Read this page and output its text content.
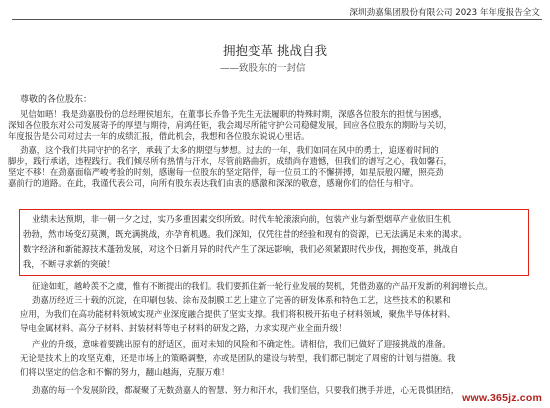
深圳劲嘉集团股份有限公司 2023 年年度报告全文
拥抱变革 挑战自我
——致股东的一封信
尊敬的各位股东：
见信如晤！我是劲嘉股份的总经理侯旭东，在董事长乔鲁予先生无法履职的特殊时期，深感各位股东的担忧与困惑，
深知各位股东对公司发展寄予的厚望与期待，肩鸿任钜，我会竭尽所能守护公司稳健发展，回应各位股东的期盼与关切，
年度报告是公司对过去一年的成绩汇报，借此机会，我想和各位股东说说心里话。
劲嘉，这个我们共同守护的名字，承载了太多的期望与梦想。过去的一年，我们如同在风中的勇士，追逐着时间的
脚步，践行承诺，违程践行。我们倾尽所有热情与汗水，尽管前路曲折，成绩尚存遗憾，但我们的谱写之心，我如馨石，
坚定不移！在劲嘉面临严峻考验的时刻，感谢每一位股东的坚定陪伴，每一位员工的不懈拼搏，如星辰般闪耀，照亮劲
嘉前行的道路。在此，我谨代表公司，向所有股东表达我们由衷的感激和深深的敬意，感谢你们的信任与相守。
业绩未达预期，非一朝一夕之过，实乃多重因素交织所致。时代车轮滚滚向前，包装产业与新型烟草产业依旧生机
勃勃，然市场变幻莫测，既充满挑战，亦孕育机遇。我们深知，仅凭往昔的经验和现有的资源，已无法满足未来的渴求。
数字经济和新能源技术蓬勃发展，对这个日新月异的时代产生了深远影响，我们必须紧跟时代步伐，拥抱变革，挑战自
我，不断寻求新的突破！
征途如虹，越岭羡不之虞，惟有不断提出的我们。我们要抓住新一轮行业发展的契机，凭借劲嘉的产品开发新的利润增长点。
劲嘉历经近三十载的沉淀，在印刷包装、涂布及制膜工艺上建立了完善的研发体系和特色工艺，这些技术的积累和
应用，为我们在高功能材料领域实现产业深度融合提供了坚实支撑。我们将积极开拓电子材料领域，聚焦半导体材料、
导电金属材料、高分子材料、封装材料等电子材料的研发之路，力求实现产业全面升级！
产业的升级，意味着要跳出原有的舒适区，面对未知的风险和不确定性。请相信，我们已做好了迎接挑战的准备。
无论是技术上的攻坚克难，还是市场上的策略调整，亦或是团队的建设与转型，我们都已制定了周密的计划与措施。我
们将以坚定的信念和不懈的努力，翻山越海，克服万难！
劲嘉的每一个发展阶段，都凝聚了无数劲嘉人的智慧、努力和汗水，我们坚信，只要我们携手并进，心无畏惧团结，
www.365jz.com
